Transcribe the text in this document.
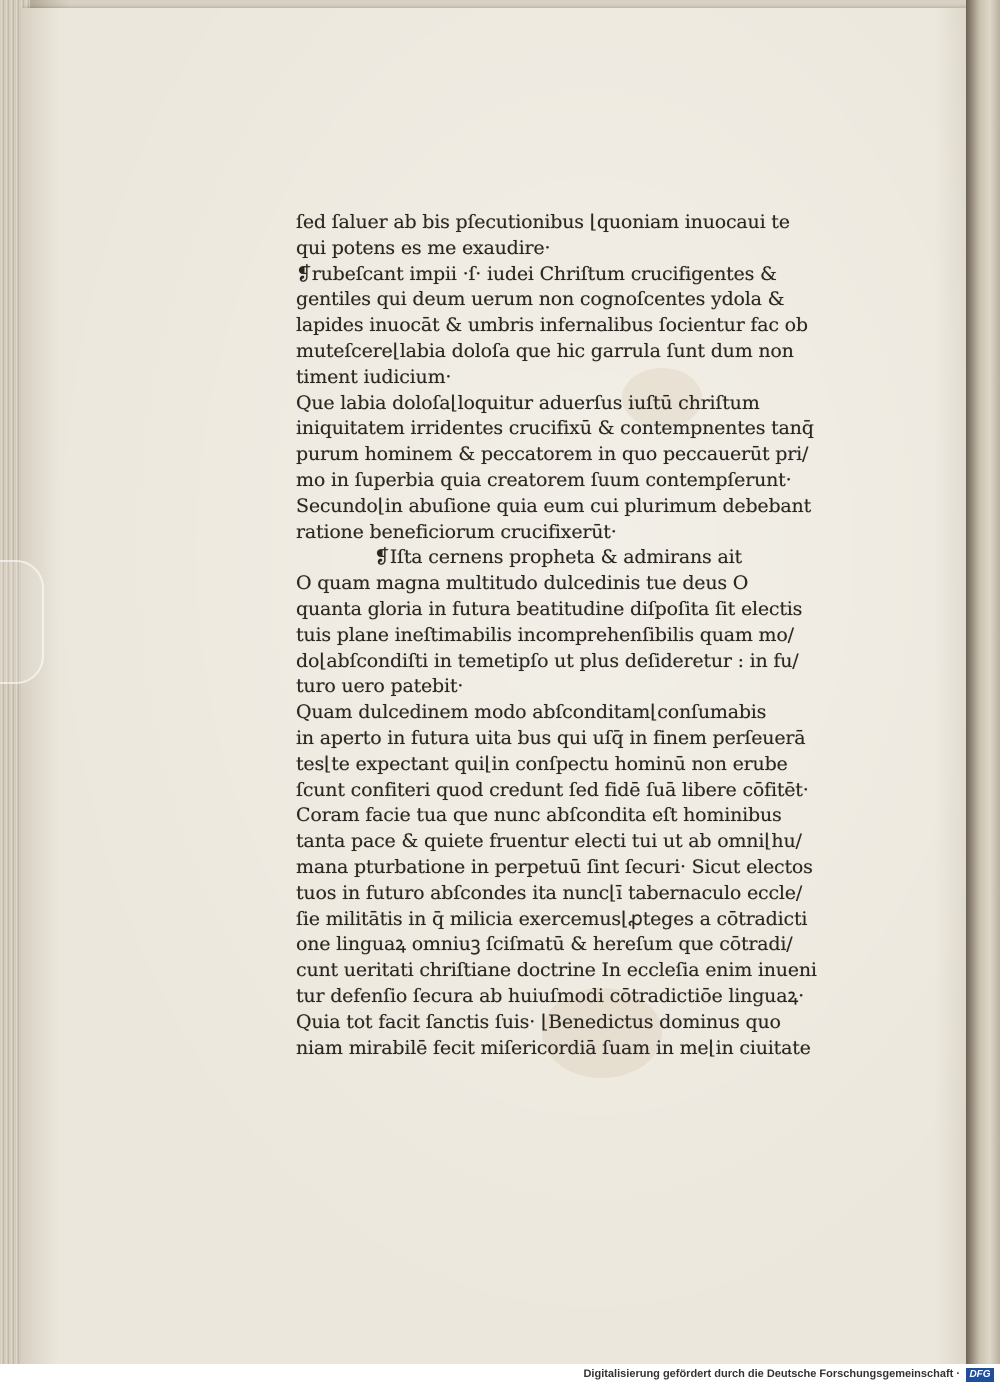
ſed ſaluer ab bis pſecutionibus ⌊quoniam inuocaui te
qui potens es me exaudire·
❡rubeſcant impii ·ſ· iudei Chriſtum crucifigentes &
gentiles qui deum uerum non cognoſcentes ydola &
lapides inuocāt & umbris infernalibus ſocientur fac ob
muteſcere⌊labia doloſa que hic garrula ſunt dum non
timent iudicium·
Que labia doloſa⌊loquitur aduerſus iuſtū chriſtum
iniquitatem irridentes crucifixū & contempnentes tanq̄
purum hominem & peccatorem in quo peccauerūt pri/
mo in ſuperbia quia creatorem ſuum contempſerunt·
Secundo⌊in abuſione quia eum cui plurimum debebant
ratione beneficiorum crucifixerūt·
❡Iſta cernens propheta & admirans ait
O quam magna multitudo dulcedinis tue deus O
quanta gloria in futura beatitudine diſpoſita ſit electis
tuis plane ineſtimabilis incomprehenſibilis quam mo/
do⌊abſcondiſti in temetipſo ut plus deſideretur : in fu/
turo uero patebit·
Quam dulcedinem modo abſconditam⌊conſumabis
in aperto in futura uita bus qui uſq̄ in finem perſeuerā
tes⌊te expectant qui⌊in conſpectu hominū non erube
ſcunt confiteri quod credunt ſed fidē ſuā libere cōfitēt·
Coram facie tua que nunc abſcondita eſt hominibus
tanta pace & quiete fruentur electi tui ut ab omni⌊hu/
mana pturbatione in perpetuū ſint ſecuri· Sicut electos
tuos in futuro abſcondes ita nunc⌊ī tabernaculo eccle/
ſie militātis in q̄ milicia exercemus⌊ꝓteges a cōtradicti
one linguaꝝ omniuꝫ ſciſmatū & hereſum que cōtradi/
cunt ueritati chriſtiane doctrine In eccleſia enim inueni
tur defenſio ſecura ab huiuſmodi cōtradictiōe linguaꝝ·
Quia tot facit ſanctis ſuis· ⌊Benedictus dominus quo
niam mirabilē fecit miſericordiā ſuam in me⌊in ciuitate
Digitalisierung gefördert durch die Deutsche Forschungsgemeinschaft · DFG
